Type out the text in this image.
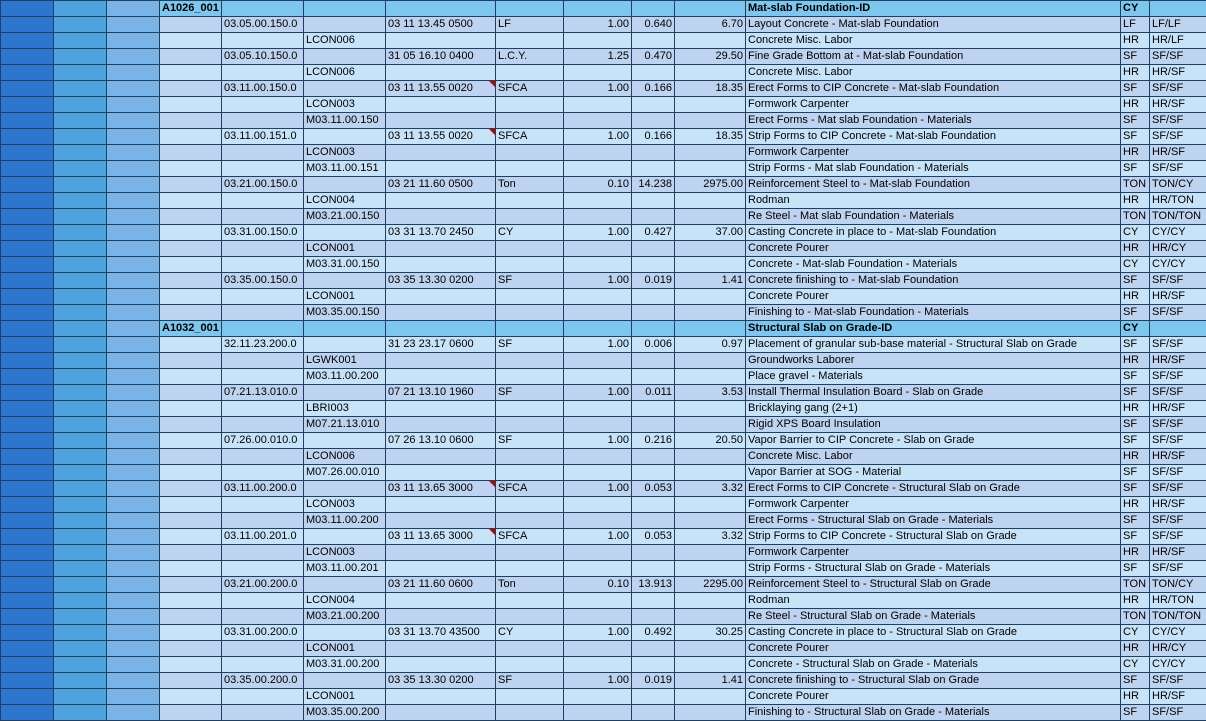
			A1026_001								Mat-slab Foundation-ID	CY	
				03.05.00.150.0		03 11 13.45 0500	LF	1.00	0.640	6.70	Layout Concrete - Mat-slab Foundation	LF	LF/LF
					LCON006						Concrete Misc. Labor	HR	HR/LF
				03.05.10.150.0		31 05 16.10 0400	L.C.Y.	1.25	0.470	29.50	Fine Grade Bottom at - Mat-slab Foundation	SF	SF/SF
					LCON006						Concrete Misc. Labor	HR	HR/SF
				03.11.00.150.0		03 11 13.55 0020	SFCA	1.00	0.166	18.35	Erect Forms to CIP Concrete - Mat-slab Foundation	SF	SF/SF
					LCON003						Formwork Carpenter	HR	HR/SF
					M03.11.00.150						Erect Forms - Mat slab Foundation - Materials	SF	SF/SF
				03.11.00.151.0		03 11 13.55 0020	SFCA	1.00	0.166	18.35	Strip Forms to CIP Concrete - Mat-slab Foundation	SF	SF/SF
					LCON003						Formwork Carpenter	HR	HR/SF
					M03.11.00.151						Strip Forms - Mat slab Foundation - Materials	SF	SF/SF
				03.21.00.150.0		03 21 11.60 0500	Ton	0.10	14.238	2975.00	Reinforcement Steel to - Mat-slab Foundation	TON	TON/CY
					LCON004						Rodman	HR	HR/TON
					M03.21.00.150						Re Steel - Mat slab Foundation - Materials	TON	TON/TON
				03.31.00.150.0		03 31 13.70 2450	CY	1.00	0.427	37.00	Casting Concrete in place to - Mat-slab Foundation	CY	CY/CY
					LCON001						Concrete Pourer	HR	HR/CY
					M03.31.00.150						Concrete - Mat-slab Foundation - Materials	CY	CY/CY
				03.35.00.150.0		03 35 13.30 0200	SF	1.00	0.019	1.41	Concrete finishing to - Mat-slab Foundation	SF	SF/SF
					LCON001						Concrete Pourer	HR	HR/SF
					M03.35.00.150						Finishing to - Mat-slab Foundation - Materials	SF	SF/SF
			A1032_001								Structural Slab on Grade-ID	CY	
				32.11.23.200.0		31 23 23.17 0600	SF	1.00	0.006	0.97	Placement of granular sub-base material - Structural Slab on Grade	SF	SF/SF
					LGWK001						Groundworks Laborer	HR	HR/SF
					M03.11.00.200						Place gravel - Materials	SF	SF/SF
				07.21.13.010.0		07 21 13.10 1960	SF	1.00	0.011	3.53	Install Thermal Insulation Board - Slab on Grade	SF	SF/SF
					LBRI003						Bricklaying gang (2+1)	HR	HR/SF
					M07.21.13.010						Rigid XPS Board Insulation	SF	SF/SF
				07.26.00.010.0		07 26 13.10 0600	SF	1.00	0.216	20.50	Vapor Barrier to CIP Concrete - Slab on Grade	SF	SF/SF
					LCON006						Concrete Misc. Labor	HR	HR/SF
					M07.26.00.010						Vapor Barrier at SOG - Material	SF	SF/SF
				03.11.00.200.0		03 11 13.65 3000	SFCA	1.00	0.053	3.32	Erect Forms to CIP Concrete - Structural Slab on Grade	SF	SF/SF
					LCON003						Formwork Carpenter	HR	HR/SF
					M03.11.00.200						Erect Forms - Structural Slab on Grade - Materials	SF	SF/SF
				03.11.00.201.0		03 11 13.65 3000	SFCA	1.00	0.053	3.32	Strip Forms to CIP Concrete - Structural Slab on Grade	SF	SF/SF
					LCON003						Formwork Carpenter	HR	HR/SF
					M03.11.00.201						Strip Forms - Structural Slab on Grade - Materials	SF	SF/SF
				03.21.00.200.0		03 21 11.60 0600	Ton	0.10	13.913	2295.00	Reinforcement Steel to - Structural Slab on Grade	TON	TON/CY
					LCON004						Rodman	HR	HR/TON
					M03.21.00.200						Re Steel - Structural Slab on Grade - Materials	TON	TON/TON
				03.31.00.200.0		03 31 13.70 43500	CY	1.00	0.492	30.25	Casting Concrete in place to - Structural Slab on Grade	CY	CY/CY
					LCON001						Concrete Pourer	HR	HR/CY
					M03.31.00.200						Concrete - Structural Slab on Grade - Materials	CY	CY/CY
				03.35.00.200.0		03 35 13.30 0200	SF	1.00	0.019	1.41	Concrete finishing to - Structural Slab on Grade	SF	SF/SF
					LCON001						Concrete Pourer	HR	HR/SF
					M03.35.00.200						Finishing to - Structural Slab on Grade - Materials	SF	SF/SF
